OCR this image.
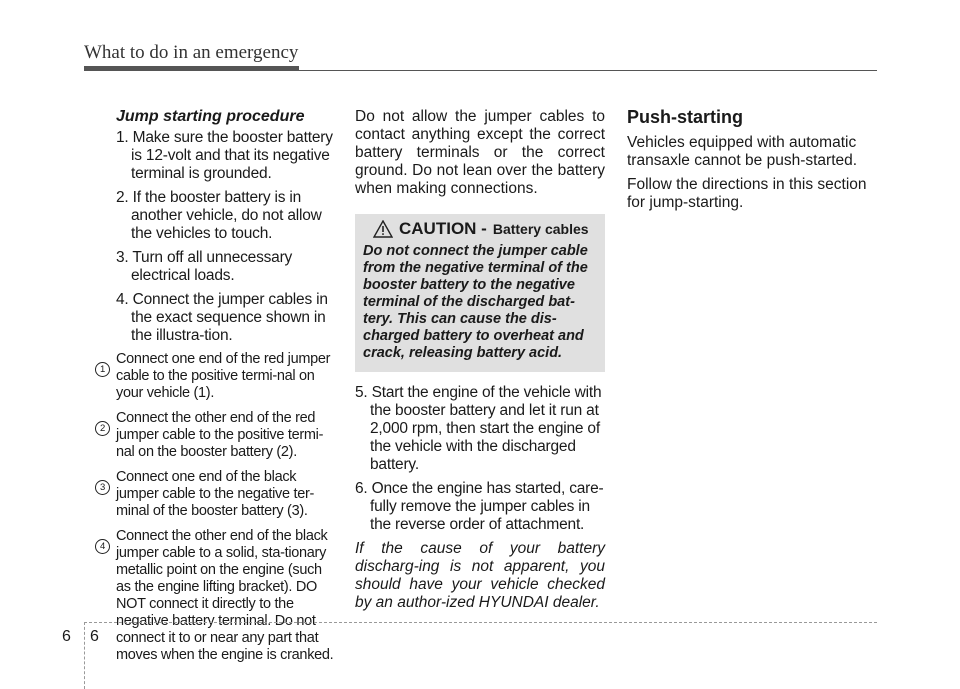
What to do in an emergency

Jump starting procedure

1. Make sure the booster battery is 12-volt and that its negative terminal is grounded.

2. If the booster battery is in another vehicle, do not allow the vehicles to touch.

3. Turn off all unnecessary electrical loads.

4. Connect the jumper cables in the exact sequence shown in the illustra-tion.

1
Connect one end of the red jumper cable to the positive termi-nal on your vehicle (1).
2
Connect the other end of the red jumper cable to the positive termi-nal on the booster battery (2).
3
Connect one end of the black jumper cable to the negative ter-minal of the booster battery (3).
4
Connect the other end of the black jumper cable to a solid, sta-tionary metallic point on the engine (such as the engine lifting bracket). DO NOT connect it directly to the negative battery terminal. Do not connect it to or near any part that moves when the engine is cranked.

Do not allow the jumper cables to contact anything except the correct battery terminals or the correct ground. Do not lean over the battery when making connections.

CAUTION - Battery cables
Do not connect the jumper cable from the negative terminal of the booster battery to the negative terminal of the discharged bat-tery. This can cause the dis-charged battery to overheat and crack, releasing battery acid.

5. Start the engine of the vehicle with the booster battery and let it run at 2,000 rpm, then start the engine of the vehicle with the discharged battery.

6. Once the engine has started, care-fully remove the jumper cables in the reverse order of attachment.

If the cause of your battery discharg-ing is not apparent, you should have your vehicle checked by an author-ized HYUNDAI dealer.

Push-starting

Vehicles equipped with automatic transaxle cannot be push-started.

Follow the directions in this section for jump-starting.

6 6
